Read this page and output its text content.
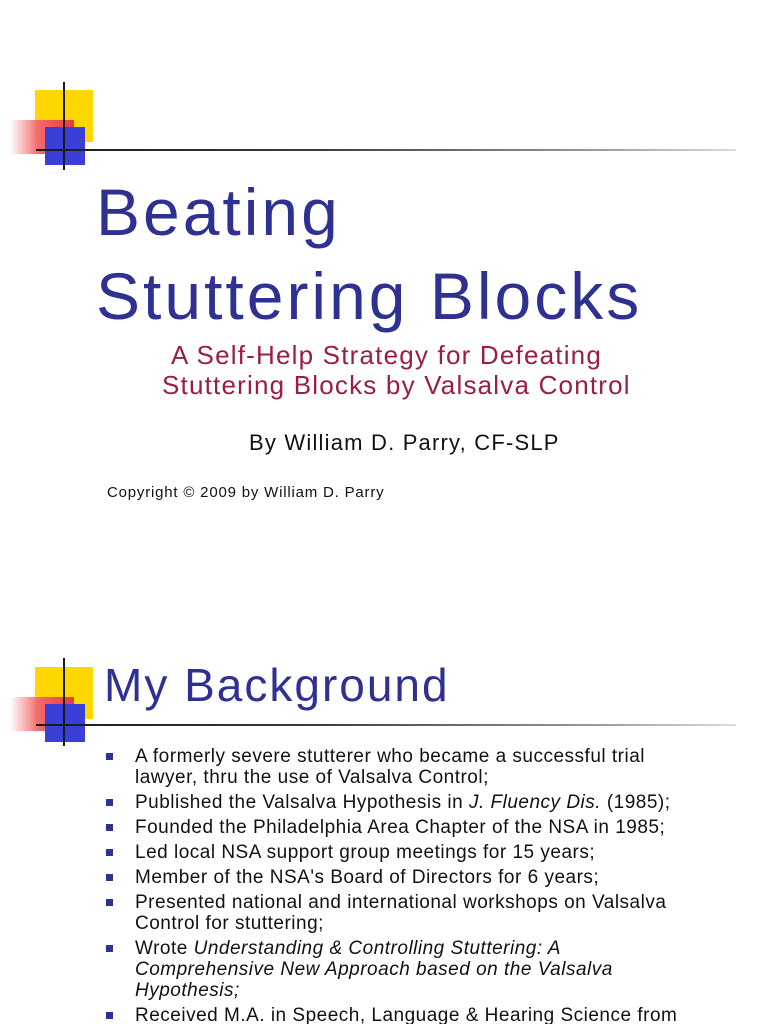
Beating
Stuttering Blocks
A Self-Help Strategy for Defeating
Stuttering Blocks by Valsalva Control
By William D. Parry, CF-SLP
Copyright © 2009 by William D. Parry
My Background
A formerly severe stutterer who became a successful trial
lawyer, thru the use of Valsalva Control;
Published the Valsalva Hypothesis in J. Fluency Dis. (1985);
Founded the Philadelphia Area Chapter of the NSA in 1985;
Led local NSA support group meetings for 15 years;
Member of the NSA's Board of Directors for 6 years;
Presented national and international workshops on Valsalva
Control for stuttering;
Wrote Understanding & Controlling Stuttering: A
Comprehensive New Approach based on the Valsalva
Hypothesis;
Received M.A. in Speech, Language & Hearing Science from
